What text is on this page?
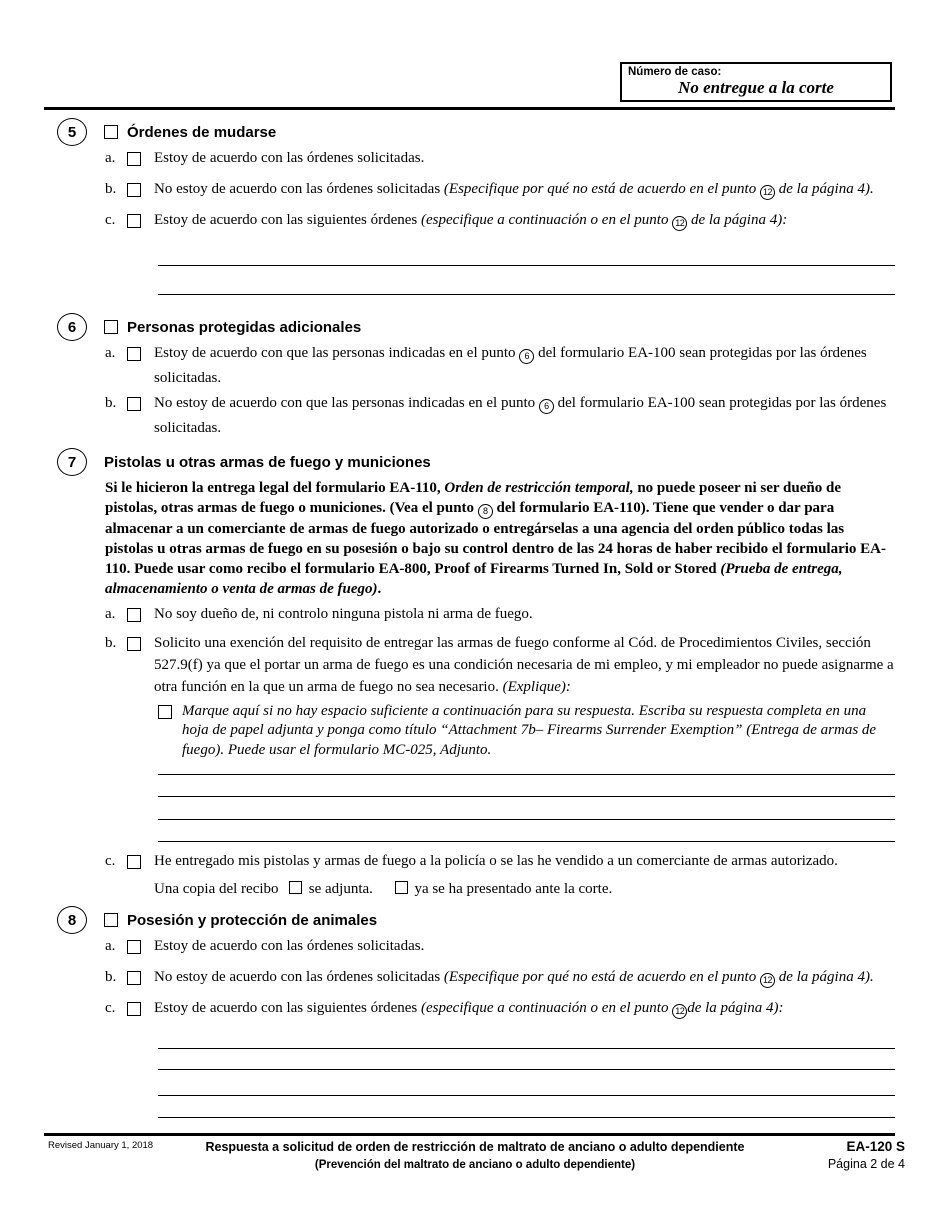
Número de caso:
No entregue a la corte
5	Órdenes de mudarse
a.	Estoy de acuerdo con las órdenes solicitadas.
b.	No estoy de acuerdo con las órdenes solicitadas (Especifique por qué no está de acuerdo en el punto 12 de la página 4).
c.	Estoy de acuerdo con las siguientes órdenes (especifique a continuación o en el punto 12 de la página 4):
6	Personas protegidas adicionales
a.	Estoy de acuerdo con que las personas indicadas en el punto 6 del formulario EA-100 sean protegidas por las órdenes solicitadas.
b.	No estoy de acuerdo con que las personas indicadas en el punto 6 del formulario EA-100 sean protegidas por las órdenes solicitadas.
7	Pistolas u otras armas de fuego y municiones
Si le hicieron la entrega legal del formulario EA-110, Orden de restricción temporal, no puede poseer ni ser dueño de pistolas, otras armas de fuego o municiones. (Vea el punto 8 del formulario EA-110). Tiene que vender o dar para almacenar a un comerciante de armas de fuego autorizado o entregárselas a una agencia del orden público todas las pistolas u otras armas de fuego en su posesión o bajo su control dentro de las 24 horas de haber recibido el formulario EA-110. Puede usar como recibo el formulario EA-800, Proof of Firearms Turned In, Sold or Stored (Prueba de entrega, almacenamiento o venta de armas de fuego).
a.	No soy dueño de, ni controlo ninguna pistola ni arma de fuego.
b.	Solicito una exención del requisito de entregar las armas de fuego conforme al Cód. de Procedimientos Civiles, sección 527.9(f) ya que el portar un arma de fuego es una condición necesaria de mi empleo, y mi empleador no puede asignarme a otra función en la que un arma de fuego no sea necesario. (Explique):
Marque aquí si no hay espacio suficiente a continuación para su respuesta. Escriba su respuesta completa en una hoja de papel adjunta y ponga como título “Attachment 7b– Firearms Surrender Exemption” (Entrega de armas de fuego). Puede usar el formulario MC-025, Adjunto.
c.	He entregado mis pistolas y armas de fuego a la policía o se las he vendido a un comerciante de armas autorizado.
Una copia del recibo   se adjunta.      ya se ha presentado ante la corte.
8	Posesión y protección de animales
a.	Estoy de acuerdo con las órdenes solicitadas.
b.	No estoy de acuerdo con las órdenes solicitadas (Especifique por qué no está de acuerdo en el punto 12 de la página 4).
c.	Estoy de acuerdo con las siguientes órdenes (especifique a continuación o en el punto 12 de la página 4):
Revised January 1, 2018	Respuesta a solicitud de orden de restricción de maltrato de anciano o adulto dependiente (Prevención del maltrato de anciano o adulto dependiente)
EA-120 S
Página 2 de 4
